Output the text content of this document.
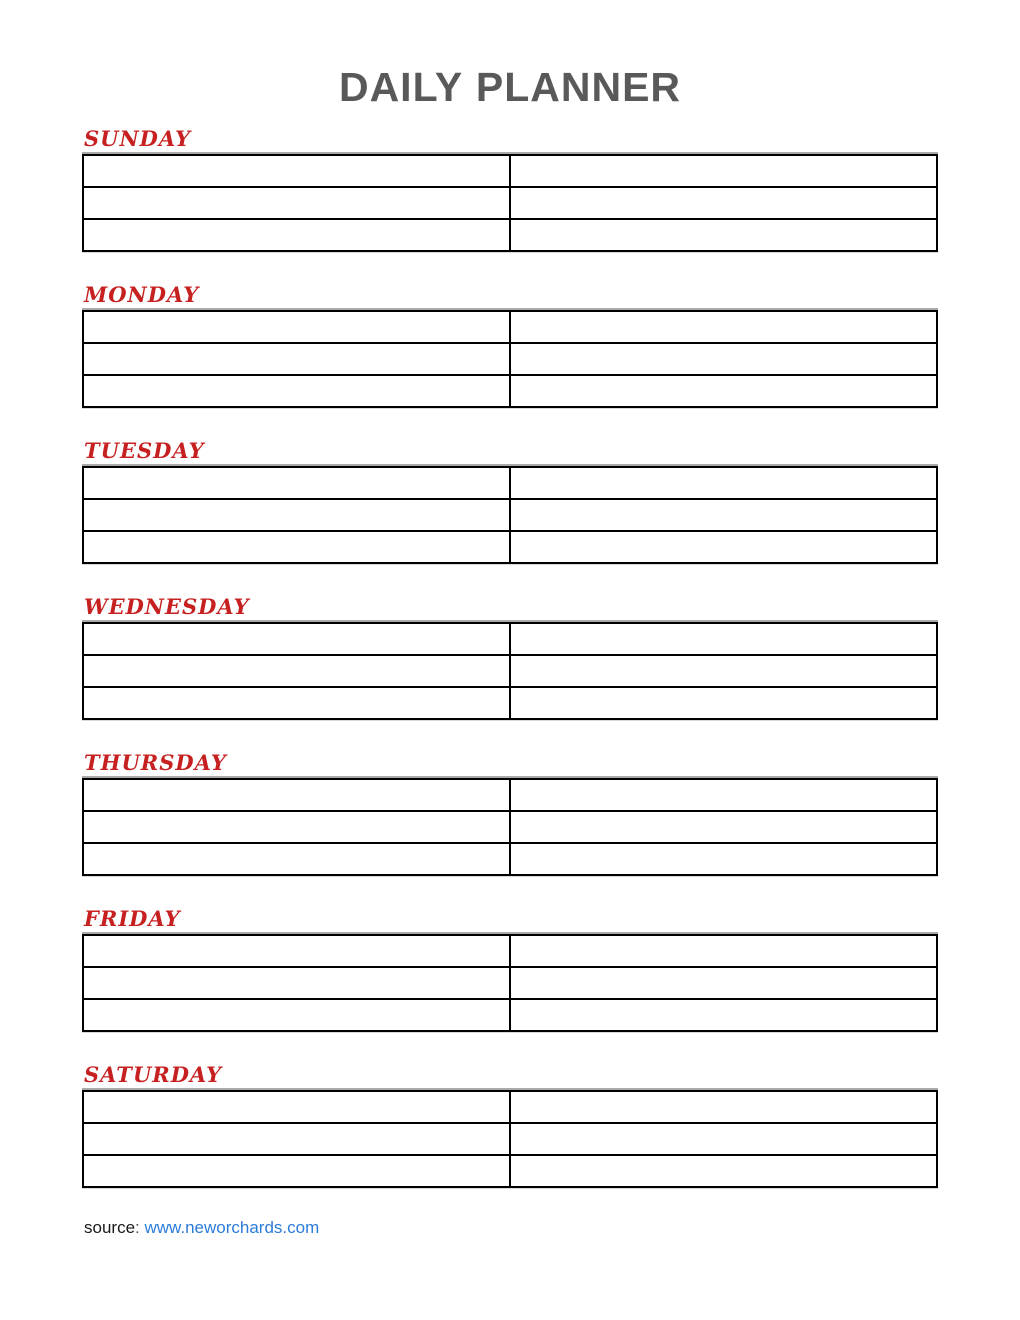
DAILY PLANNER
SUNDAY

MONDAY

TUESDAY

WEDNESDAY

THURSDAY

FRIDAY

SATURDAY

source: www.neworchards.com
